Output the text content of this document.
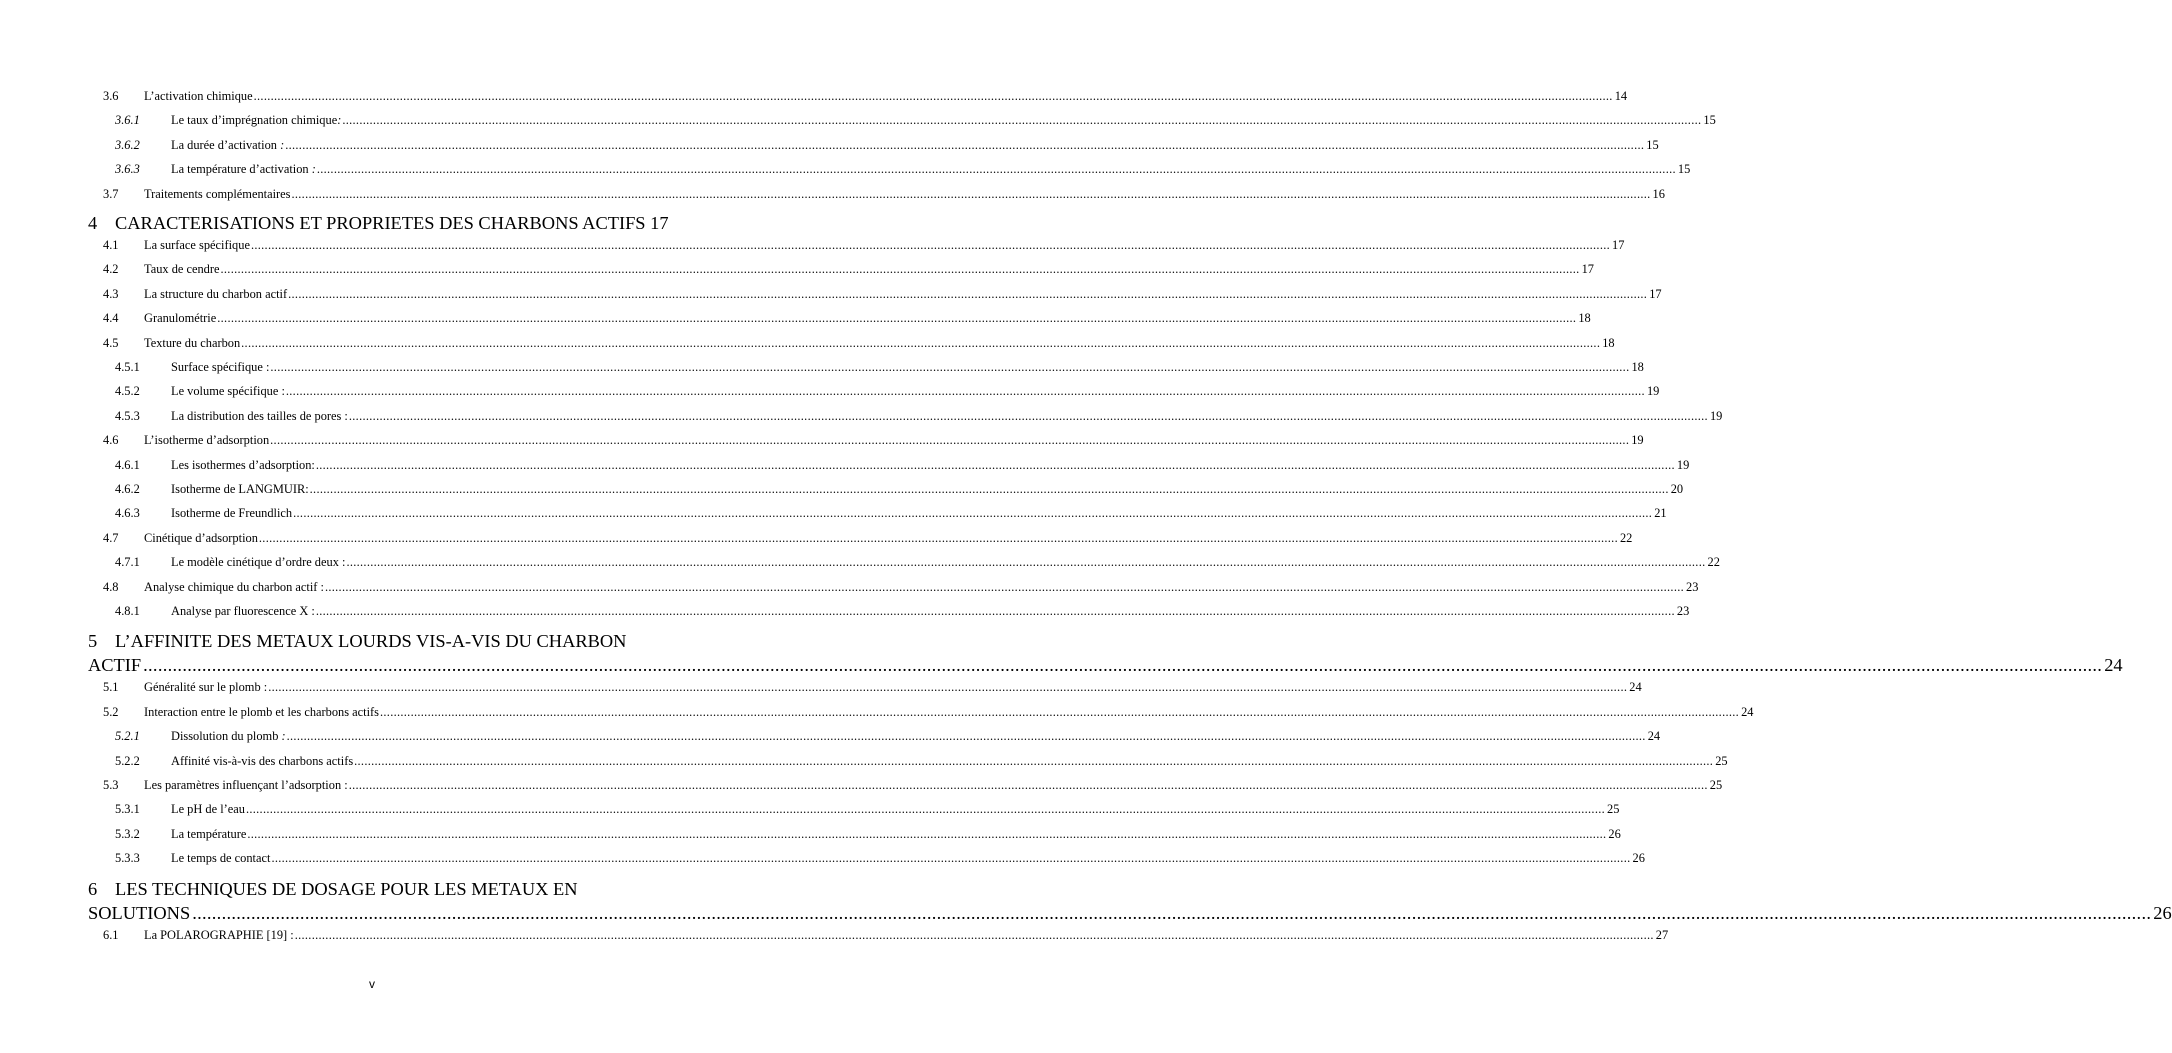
3.6	L’activation chimique ................................................................................................................................................................................................................................................................................................................................................................................................................ 14
3.6.1	Le taux d’imprégnation chimique: ................................................................................................................................................................................................................................................................................................................................................................................................................ 15
3.6.2	La durée d’activation : ................................................................................................................................................................................................................................................................................................................................................................................................................ 15
3.6.3	La température d’activation : ................................................................................................................................................................................................................................................................................................................................................................................................................ 15
3.7	Traitements complémentaires ................................................................................................................................................................................................................................................................................................................................................................................................................ 16
4 CARACTERISATIONS ET PROPRIETES DES CHARBONS ACTIFS 17
4.1	La surface spécifique ................................................................................................................................................................................................................................................................................................................................................................................................................ 17
4.2	Taux de cendre ................................................................................................................................................................................................................................................................................................................................................................................................................ 17
4.3	La structure du charbon actif ................................................................................................................................................................................................................................................................................................................................................................................................................ 17
4.4	Granulométrie ................................................................................................................................................................................................................................................................................................................................................................................................................ 18
4.5	Texture du charbon ................................................................................................................................................................................................................................................................................................................................................................................................................ 18
4.5.1	Surface spécifique : ................................................................................................................................................................................................................................................................................................................................................................................................................ 18
4.5.2	Le volume spécifique : ................................................................................................................................................................................................................................................................................................................................................................................................................ 19
4.5.3	La distribution des tailles de pores : ................................................................................................................................................................................................................................................................................................................................................................................................................ 19
4.6	L’isotherme d’adsorption ................................................................................................................................................................................................................................................................................................................................................................................................................ 19
4.6.1	Les isothermes d’adsorption: ................................................................................................................................................................................................................................................................................................................................................................................................................ 19
4.6.2	Isotherme de LANGMUIR: ................................................................................................................................................................................................................................................................................................................................................................................................................ 20
4.6.3	Isotherme de Freundlich ................................................................................................................................................................................................................................................................................................................................................................................................................ 21
4.7	Cinétique d’adsorption ................................................................................................................................................................................................................................................................................................................................................................................................................ 22
4.7.1	Le modèle cinétique d’ordre deux : ................................................................................................................................................................................................................................................................................................................................................................................................................ 22
4.8	Analyse chimique du charbon actif : ................................................................................................................................................................................................................................................................................................................................................................................................................ 23
4.8.1	Analyse par fluorescence X : ................................................................................................................................................................................................................................................................................................................................................................................................................ 23
5 L’AFFINITE DES METAUX LOURDS VIS-A-VIS DU CHARBON
ACTIF ................................................................................................................................................................................................................................................................................................................................................................................................................ 24
5.1	Généralité sur le plomb : ................................................................................................................................................................................................................................................................................................................................................................................................................ 24
5.2	Interaction entre le plomb et les charbons actifs ................................................................................................................................................................................................................................................................................................................................................................................................................ 24
5.2.1	Dissolution du plomb : ................................................................................................................................................................................................................................................................................................................................................................................................................ 24
5.2.2	Affinité vis-à-vis des charbons actifs ................................................................................................................................................................................................................................................................................................................................................................................................................ 25
5.3	Les paramètres influençant l’adsorption : ................................................................................................................................................................................................................................................................................................................................................................................................................ 25
5.3.1	Le pH de l’eau ................................................................................................................................................................................................................................................................................................................................................................................................................ 25
5.3.2	La température ................................................................................................................................................................................................................................................................................................................................................................................................................ 26
5.3.3	Le temps de contact ................................................................................................................................................................................................................................................................................................................................................................................................................ 26
6 LES TECHNIQUES DE DOSAGE POUR LES METAUX EN
SOLUTIONS ................................................................................................................................................................................................................................................................................................................................................................................................................ 26
6.1	La POLAROGRAPHIE [19] : ................................................................................................................................................................................................................................................................................................................................................................................................................ 27
v
